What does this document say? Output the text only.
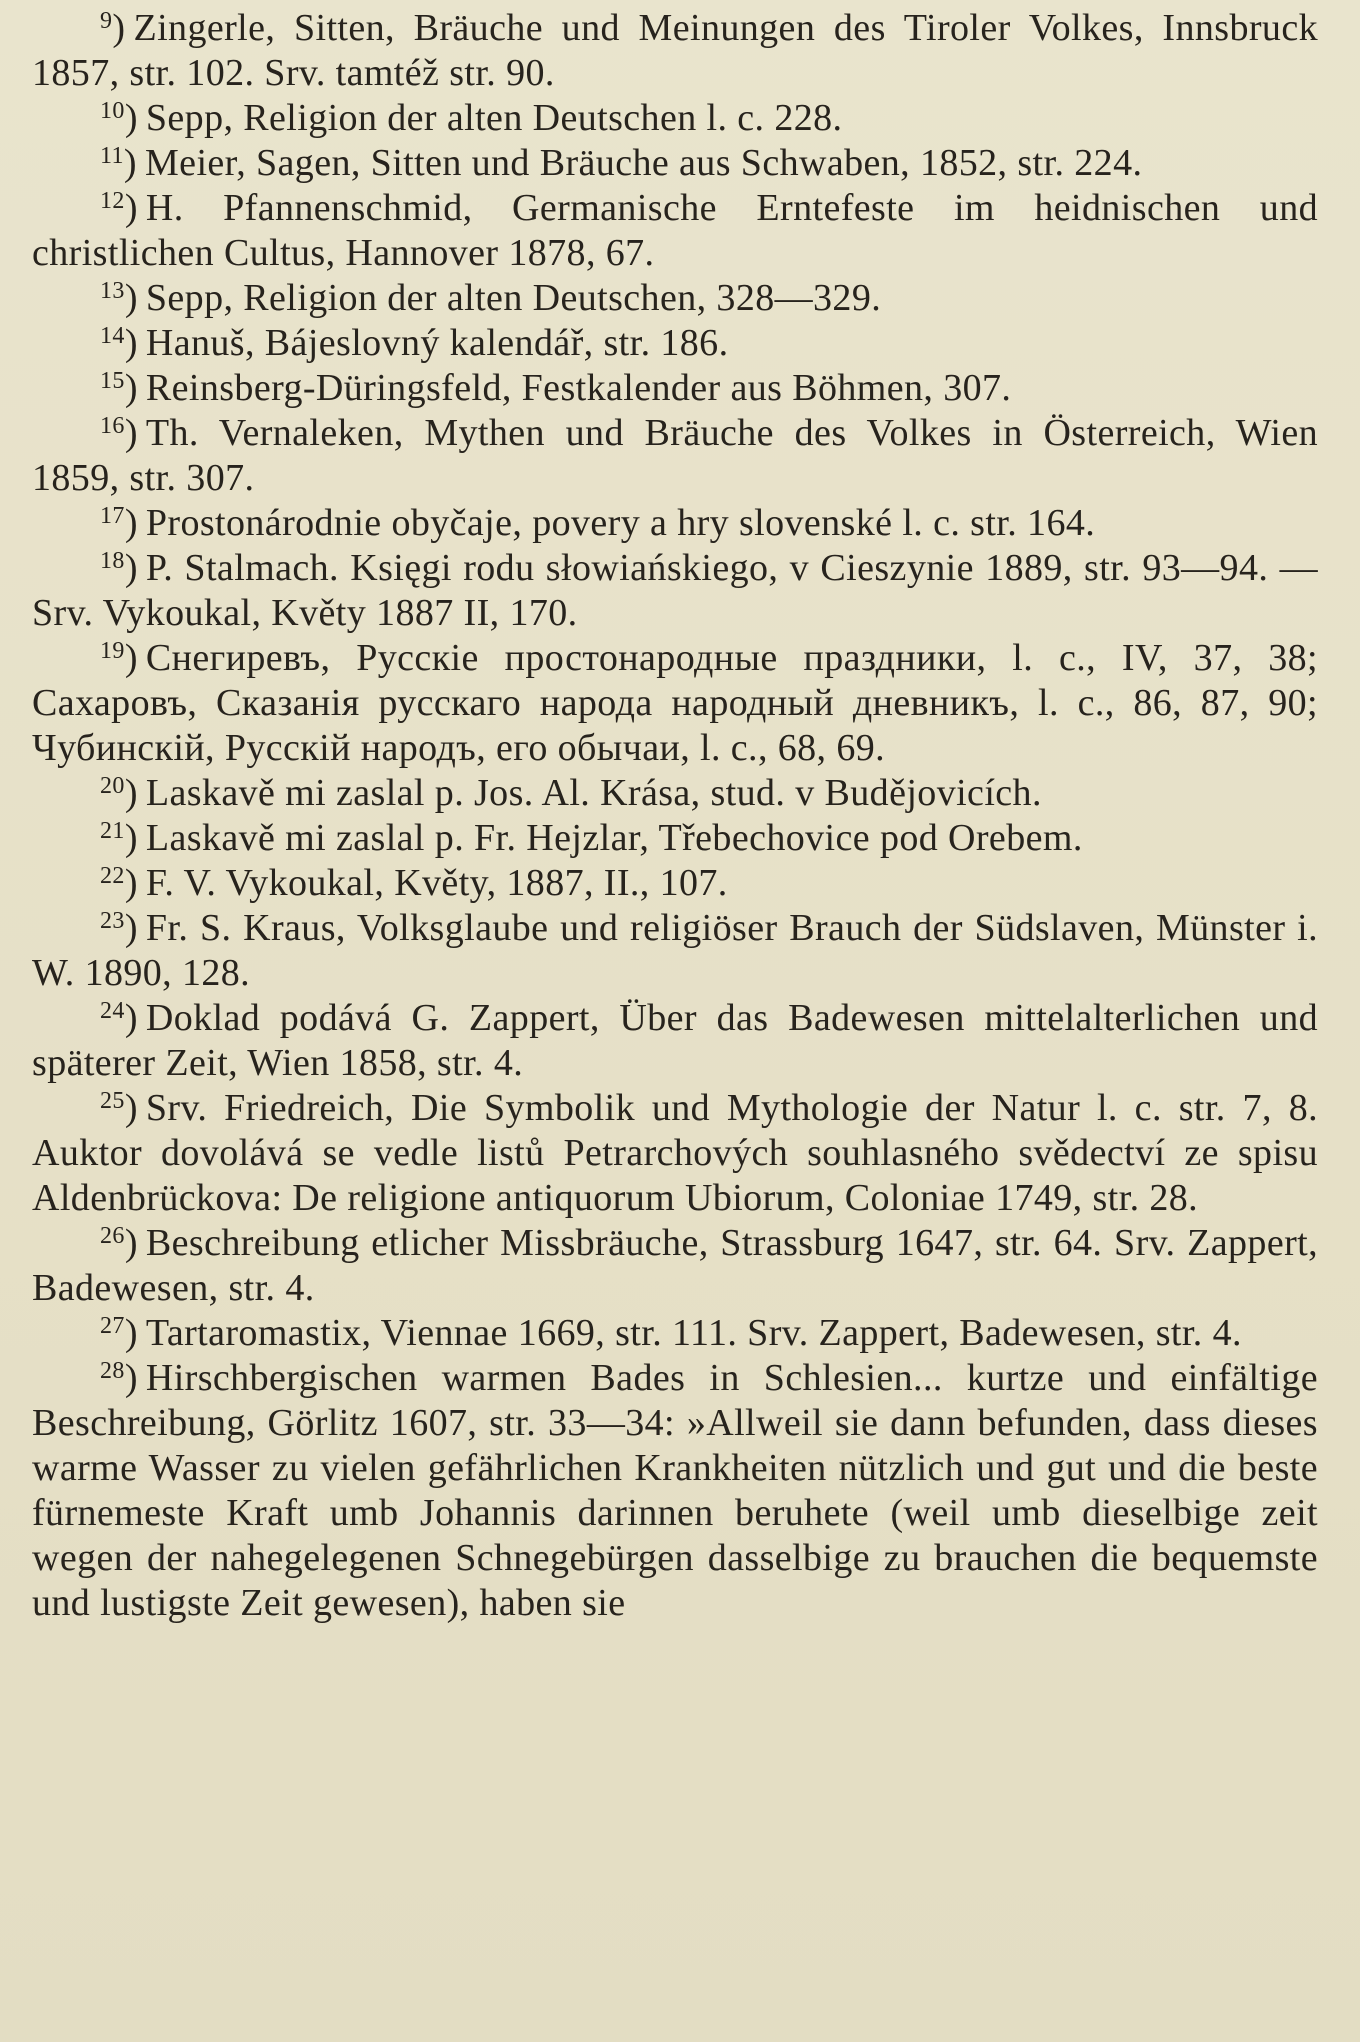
$^9$) Zingerle, Sitten, Bräuche und Meinungen des Tiroler Volkes, Innsbruck 1857, str. 102. Srv. tamtéž str. 90.

$^{10}$) Sepp, Religion der alten Deutschen l. c. 228.

$^{11}$) Meier, Sagen, Sitten und Bräuche aus Schwaben, 1852, str. 224.

$^{12}$) H. Pfannenschmid, Germanische Erntefeste im heidnischen und christlichen Cultus, Hannover 1878, 67.

$^{13}$) Sepp, Religion der alten Deutschen, 328—329.

$^{14}$) Hanuš, Bájeslovný kalendář, str. 186.

$^{15}$) Reinsberg-Düringsfeld, Festkalender aus Böhmen, 307.

$^{16}$) Th. Vernaleken, Mythen und Bräuche des Volkes in Österreich, Wien 1859, str. 307.

$^{17}$) Prostonárodnie obyčaje, povery a hry slovenské l. c. str. 164.

$^{18}$) P. Stalmach. Księgi rodu słowiańskiego, v Cieszynie 1889, str. 93—94. — Srv. Vykoukal, Květy 1887 II, 170.

$^{19}$) Снегиревъ, Русскіе простонародные праздники, l. c., IV, 37, 38; Сахаровъ, Сказанія русскаго народа народный дневникъ, l. c., 86, 87, 90; Чубинскій, Русскій народъ, его обычаи, l. c., 68, 69.

$^{20}$) Laskavě mi zaslal p. Jos. Al. Krása, stud. v Budějovicích.

$^{21}$) Laskavě mi zaslal p. Fr. Hejzlar, Třebechovice pod Orebem.

$^{22}$) F. V. Vykoukal, Květy, 1887, II., 107.

$^{23}$) Fr. S. Kraus, Volksglaube und religiöser Brauch der Südslaven, Münster i. W. 1890, 128.

$^{24}$) Doklad podává G. Zappert, Über das Badewesen mittelalterlichen und späterer Zeit, Wien 1858, str. 4.

$^{25}$) Srv. Friedreich, Die Symbolik und Mythologie der Natur l. c. str. 7, 8. Auktor dovolává se vedle listů Petrarchových souhlasného svědectví ze spisu Aldenbrückova: De religione antiquorum Ubiorum, Coloniae 1749, str. 28.

$^{26}$) Beschreibung etlicher Missbräuche, Strassburg 1647, str. 64. Srv. Zappert, Badewesen, str. 4.

$^{27}$) Tartaromastix, Viennae 1669, str. 111. Srv. Zappert, Badewesen, str. 4.

$^{28}$) Hirschbergischen warmen Bades in Schlesien... kurtze und einfältige Beschreibung, Görlitz 1607, str. 33—34: »Allweil sie dann befunden, dass dieses warme Wasser zu vielen gefährlichen Krankheiten nützlich und gut und die beste fürnemeste Kraft umb Johannis darinnen beruhete (weil umb dieselbige zeit wegen der nahegelegenen Schnegebürgen dasselbige zu brauchen die bequemste und lustigste Zeit gewesen), haben sie
